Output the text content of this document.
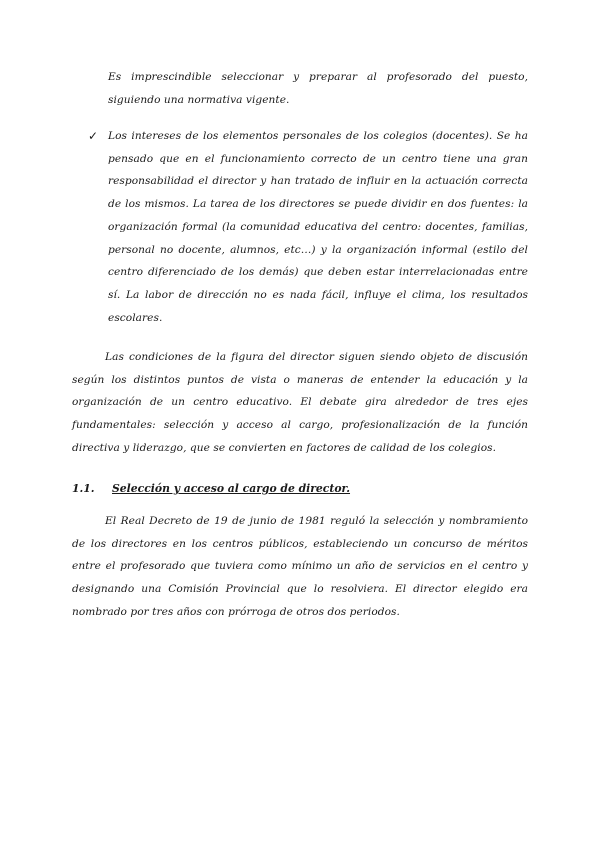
Es imprescindible seleccionar y preparar al profesorado del puesto, siguiendo una normativa vigente.
✓ Los intereses de los elementos personales de los colegios (docentes). Se ha pensado que en el funcionamiento correcto de un centro tiene una gran responsabilidad el director y han tratado de influir en la actuación correcta de los mismos. La tarea de los directores se puede dividir en dos fuentes: la organización formal (la comunidad educativa del centro: docentes, familias, personal no docente, alumnos, etc…) y la organización informal (estilo del centro diferenciado de los demás) que deben estar interrelacionadas entre sí. La labor de dirección no es nada fácil, influye el clima, los resultados escolares.
Las condiciones de la figura del director siguen siendo objeto de discusión según los distintos puntos de vista o maneras de entender la educación y la organización de un centro educativo. El debate gira alrededor de tres ejes fundamentales: selección y acceso al cargo, profesionalización de la función directiva y liderazgo, que se convierten en factores de calidad de los colegios.
1.1. Selección y acceso al cargo de director.
El Real Decreto de 19 de junio de 1981 reguló la selección y nombramiento de los directores en los centros públicos, estableciendo un concurso de méritos entre el profesorado que tuviera como mínimo un año de servicios en el centro y designando una Comisión Provincial que lo resolviera. El director elegido era nombrado por tres años con prórroga de otros dos periodos.
